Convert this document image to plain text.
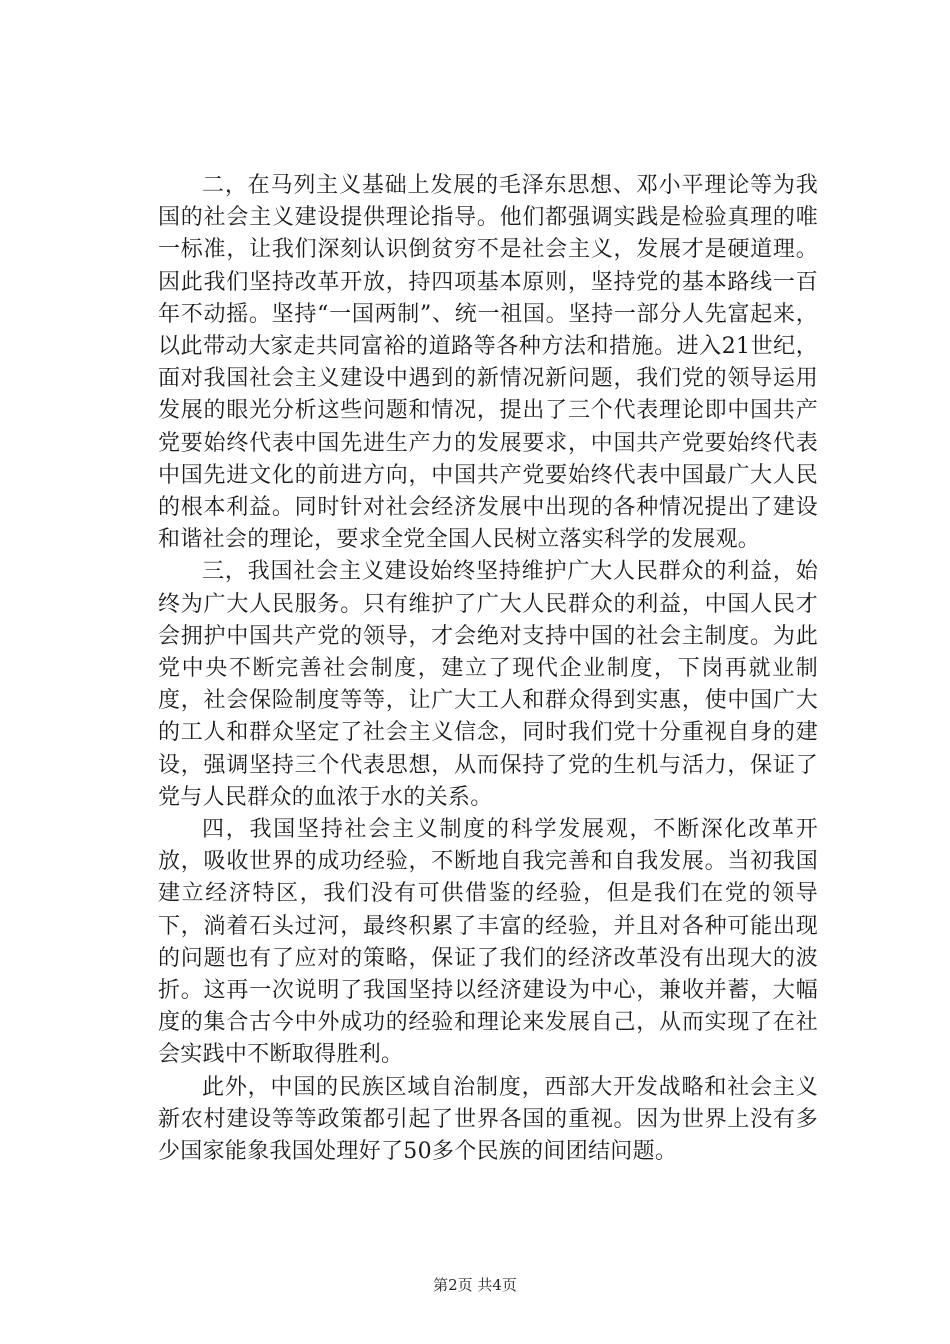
二，在马列主义基础上发展的毛泽东思想、邓小平理论等为我国的社会主义建设提供理论指导。他们都强调实践是检验真理的唯一标准，让我们深刻认识倒贫穷不是社会主义，发展才是硬道理。因此我们坚持改革开放，持四项基本原则，坚持党的基本路线一百年不动摇。坚持“一国两制”、统一祖国。坚持一部分人先富起来，以此带动大家走共同富裕的道路等各种方法和措施。进入21世纪，面对我国社会主义建设中遇到的新情况新问题，我们党的领导运用发展的眼光分析这些问题和情况，提出了三个代表理论即中国共产党要始终代表中国先进生产力的发展要求，中国共产党要始终代表中国先进文化的前进方向，中国共产党要始终代表中国最广大人民的根本利益。同时针对社会经济发展中出现的各种情况提出了建设和谐社会的理论，要求全党全国人民树立落实科学的发展观。

三，我国社会主义建设始终坚持维护广大人民群众的利益，始终为广大人民服务。只有维护了广大人民群众的利益，中国人民才会拥护中国共产党的领导，才会绝对支持中国的社会主制度。为此党中央不断完善社会制度，建立了现代企业制度，下岗再就业制度，社会保险制度等等，让广大工人和群众得到实惠，使中国广大的工人和群众坚定了社会主义信念，同时我们党十分重视自身的建设，强调坚持三个代表思想，从而保持了党的生机与活力，保证了党与人民群众的血浓于水的关系。

四，我国坚持社会主义制度的科学发展观，不断深化改革开放，吸收世界的成功经验，不断地自我完善和自我发展。当初我国建立经济特区，我们没有可供借鉴的经验，但是我们在党的领导下，淌着石头过河，最终积累了丰富的经验，并且对各种可能出现的问题也有了应对的策略，保证了我们的经济改革没有出现大的波折。这再一次说明了我国坚持以经济建设为中心，兼收并蓄，大幅度的集合古今中外成功的经验和理论来发展自己，从而实现了在社会实践中不断取得胜利。

此外，中国的民族区域自治制度，西部大开发战略和社会主义新农村建设等等政策都引起了世界各国的重视。因为世界上没有多少国家能象我国处理好了50多个民族的间团结问题。

第2页 共4页
